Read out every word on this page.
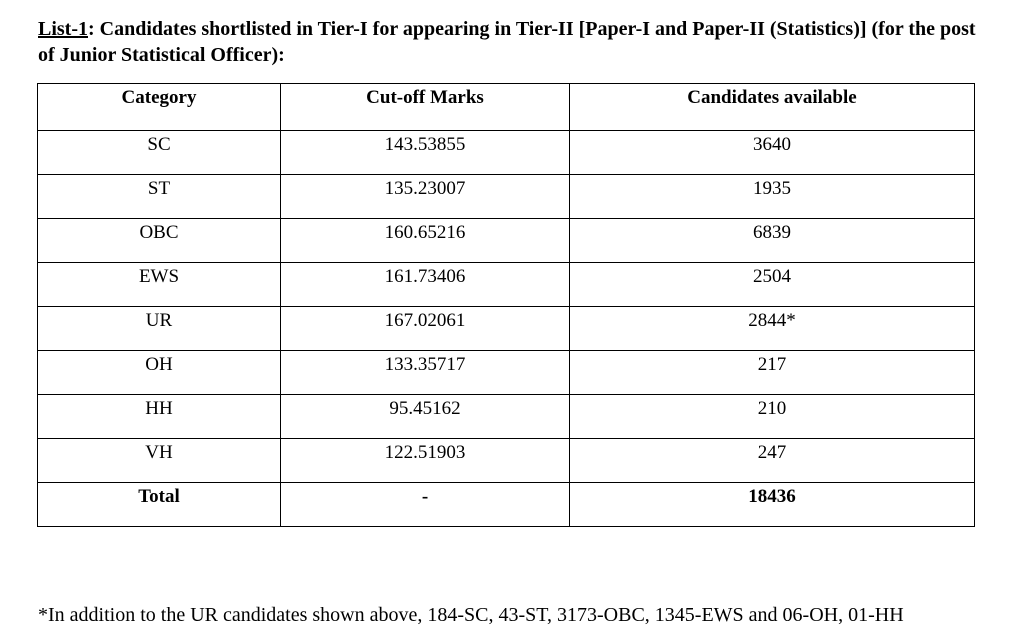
List-1: Candidates shortlisted in Tier-I for appearing in Tier-II [Paper-I and Paper-II (Statistics)] (for the post of Junior Statistical Officer):
Category	Cut-off Marks	Candidates available
SC	143.53855	3640
ST	135.23007	1935
OBC	160.65216	6839
EWS	161.73406	2504
UR	167.02061	2844*
OH	133.35717	217
HH	95.45162	210
VH	122.51903	247
Total	-	18436
*In addition to the UR candidates shown above, 184-SC, 43-ST, 3173-OBC, 1345-EWS and 06-OH, 01-HH
